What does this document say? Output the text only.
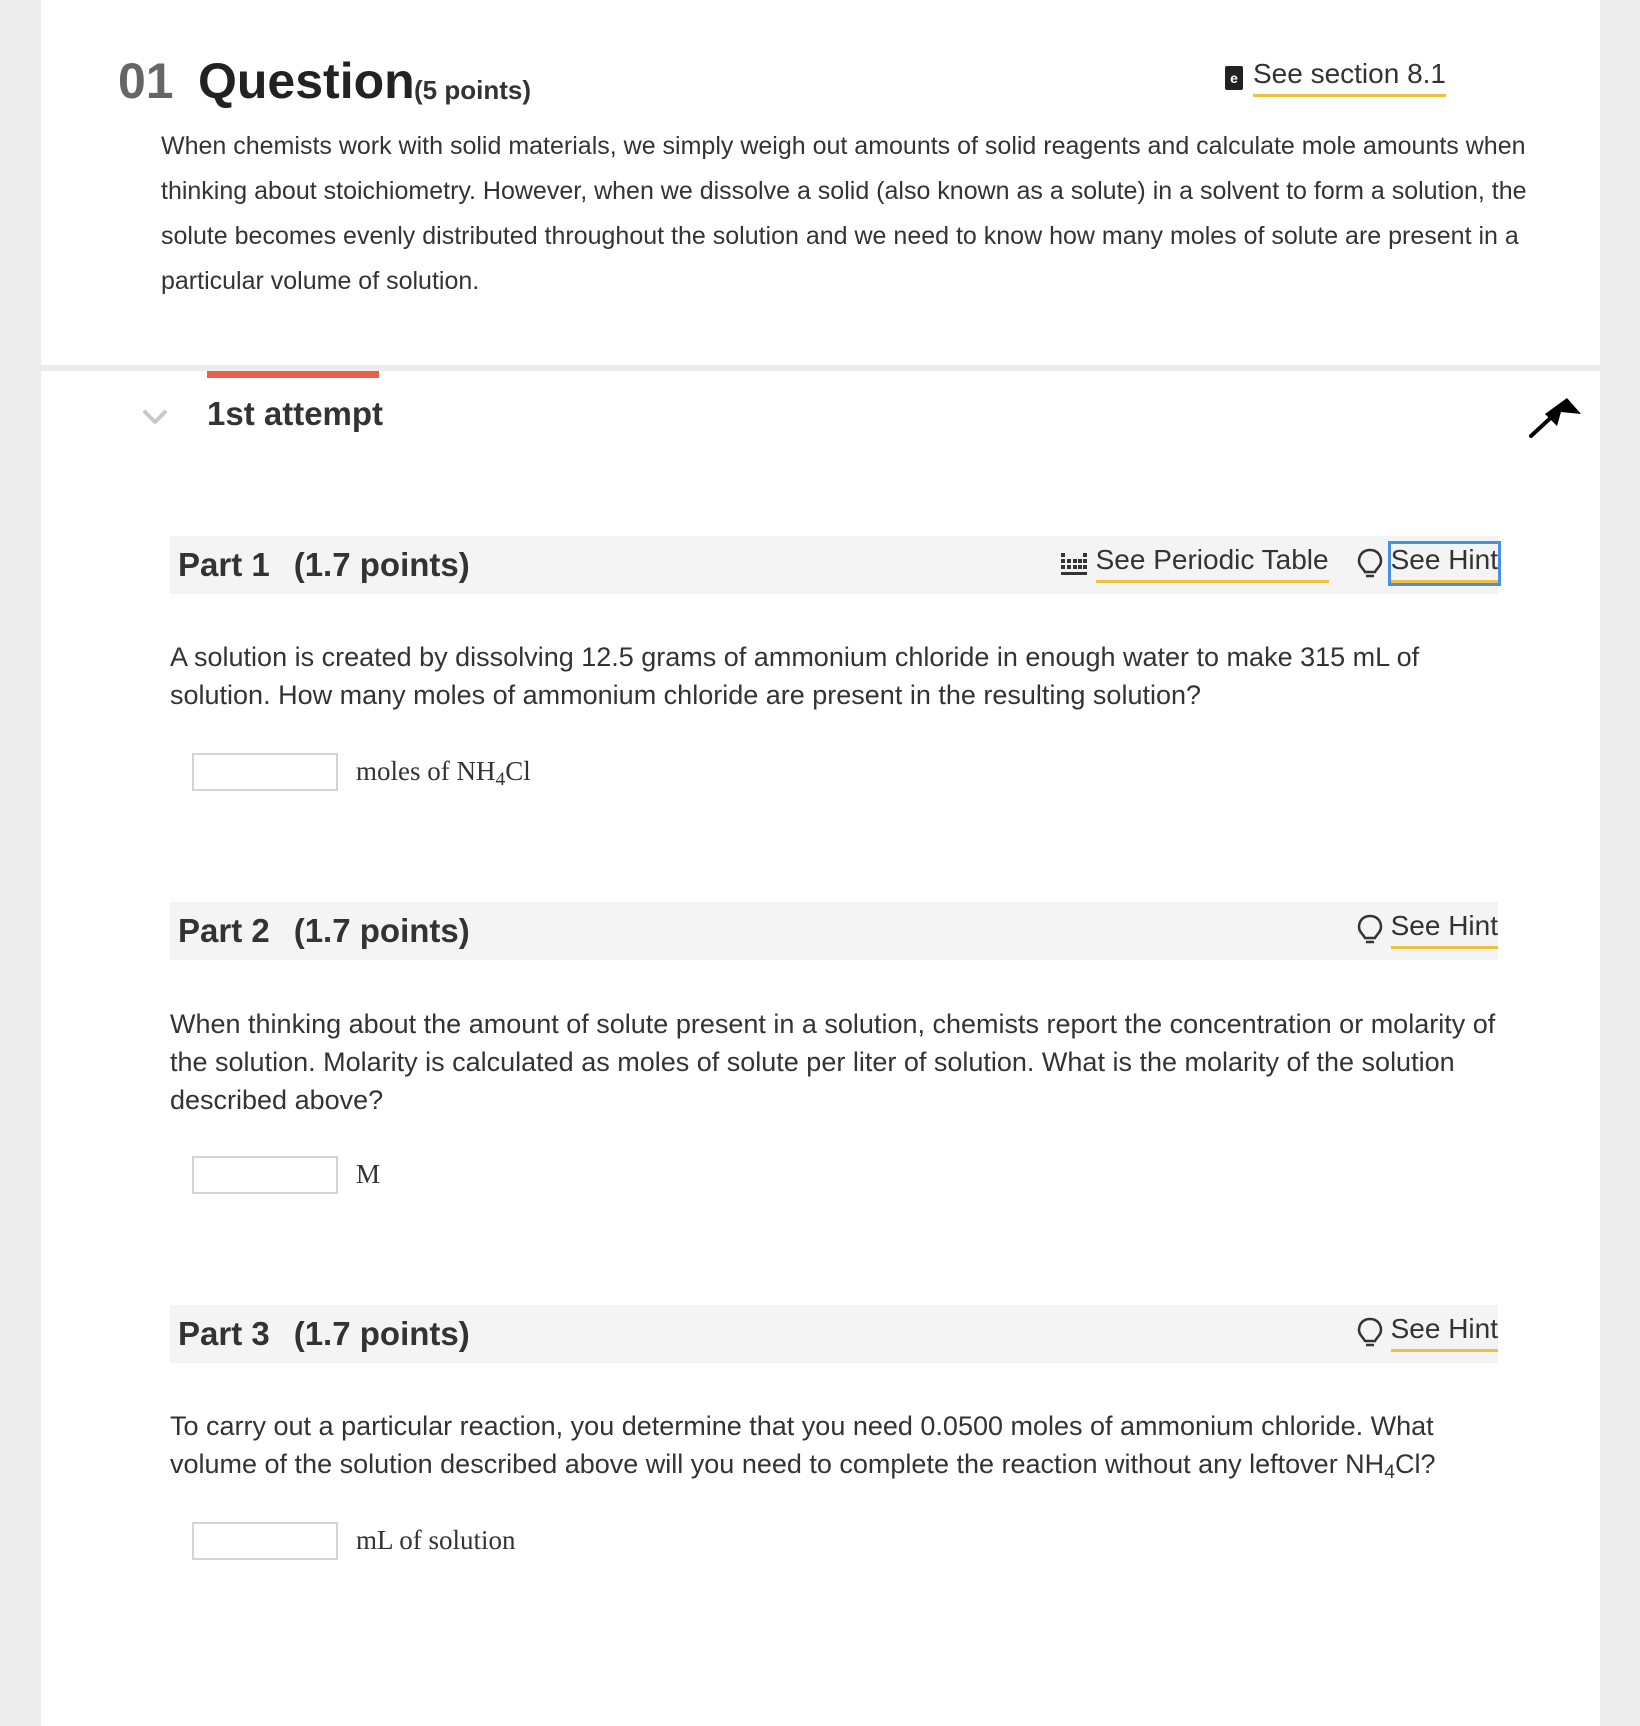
01 Question (5 points)	e See section 8.1

When chemists work with solid materials, we simply weigh out amounts of solid reagents and calculate mole amounts when thinking about stoichiometry. However, when we dissolve a solid (also known as a solute) in a solvent to form a solution, the solute becomes evenly distributed throughout the solution and we need to know how many moles of solute are present in a particular volume of solution.

1st attempt
Part 1 (1.7 points)	See Periodic Table See Hint

A solution is created by dissolving 12.5 grams of ammonium chloride in enough water to make 315 mL of solution. How many moles of ammonium chloride are present in the resulting solution?

moles of $NH_4Cl$
Part 2 (1.7 points)	See Hint

When thinking about the amount of solute present in a solution, chemists report the concentration or molarity of the solution. Molarity is calculated as moles of solute per liter of solution. What is the molarity of the solution described above?

M
Part 3 (1.7 points)	See Hint

To carry out a particular reaction, you determine that you need 0.0500 moles of ammonium chloride. What volume of the solution described above will you need to complete the reaction without any leftover $NH_4Cl$?

mL of solution
